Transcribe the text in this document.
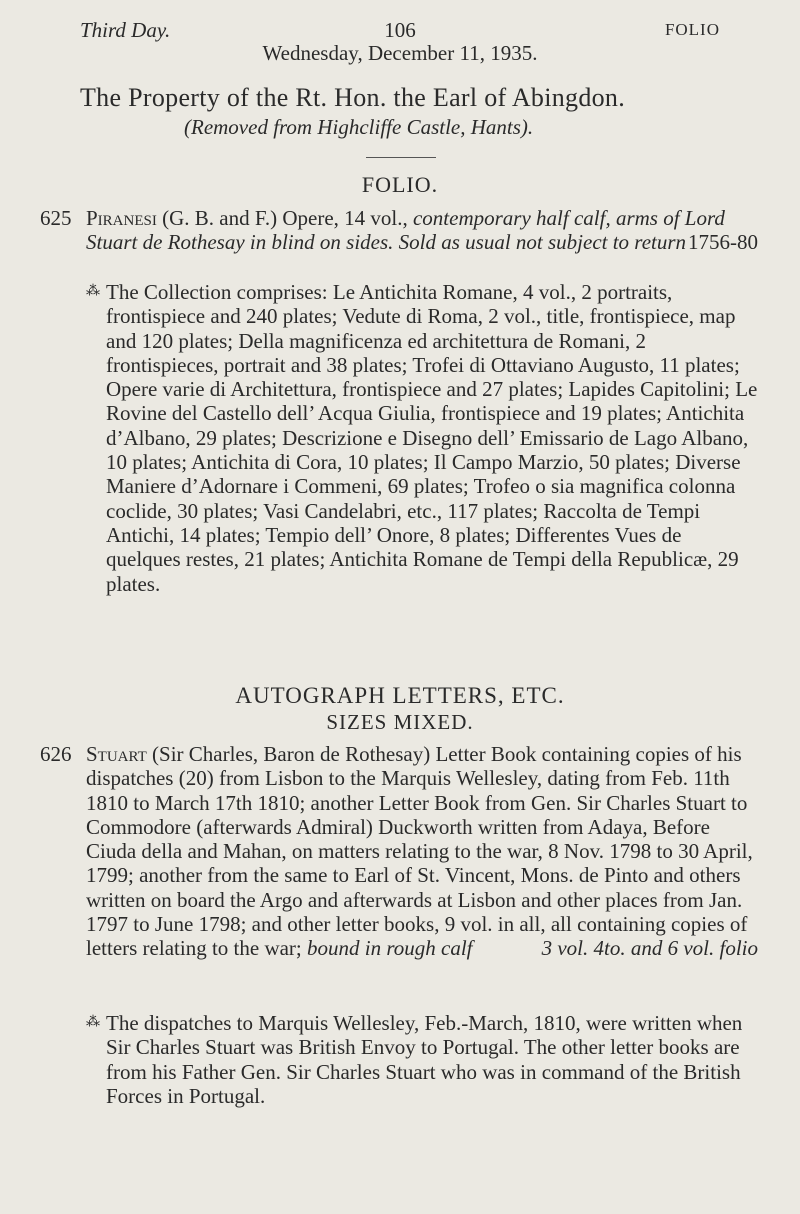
Third Day.	106	FOLIO
Wednesday, December 11, 1935.
The Property of the Rt. Hon. the Earl of Abingdon.
(Removed from Highcliffe Castle, Hants).
FOLIO.
625 Piranesi (G. B. and F.) Opere, 14 vol., contemporary half calf, arms of Lord Stuart de Rothesay in blind on sides. Sold as usual not subject to return 1756-80
⁂ The Collection comprises: Le Antichita Romane, 4 vol., 2 portraits, frontispiece and 240 plates; Vedute di Roma, 2 vol., title, frontispiece, map and 120 plates; Della magnificenza ed architettura de Romani, 2 frontispieces, portrait and 38 plates; Trofei di Ottaviano Augusto, 11 plates; Opere varie di Architettura, frontispiece and 27 plates; Lapides Capitolini; Le Rovine del Castello dell’ Acqua Giulia, frontispiece and 19 plates; Antichita d’Albano, 29 plates; Descrizione e Disegno dell’ Emissario de Lago Albano, 10 plates; Antichita di Cora, 10 plates; Il Campo Marzio, 50 plates; Diverse Maniere d’Adornare i Commeni, 69 plates; Trofeo o sia magnifica colonna coclide, 30 plates; Vasi Candelabri, etc., 117 plates; Raccolta de Tempi Antichi, 14 plates; Tempio dell’ Onore, 8 plates; Differentes Vues de quelques restes, 21 plates; Antichita Romane de Tempi della Republicæ, 29 plates.
AUTOGRAPH LETTERS, ETC.
SIZES MIXED.
626 Stuart (Sir Charles, Baron de Rothesay) Letter Book containing copies of his dispatches (20) from Lisbon to the Marquis Wellesley, dating from Feb. 11th 1810 to March 17th 1810; another Letter Book from Gen. Sir Charles Stuart to Commodore (afterwards Admiral) Duckworth written from Adaya, Before Ciuda della and Mahan, on matters relating to the war, 8 Nov. 1798 to 30 April, 1799; another from the same to Earl of St. Vincent, Mons. de Pinto and others written on board the Argo and afterwards at Lisbon and other places from Jan. 1797 to June 1798; and other letter books, 9 vol. in all, all containing copies of letters relating to the war; bound in rough calf	3 vol. 4to. and 6 vol. folio
⁂ The dispatches to Marquis Wellesley, Feb.-March, 1810, were written when Sir Charles Stuart was British Envoy to Portugal. The other letter books are from his Father Gen. Sir Charles Stuart who was in command of the British Forces in Portugal.
